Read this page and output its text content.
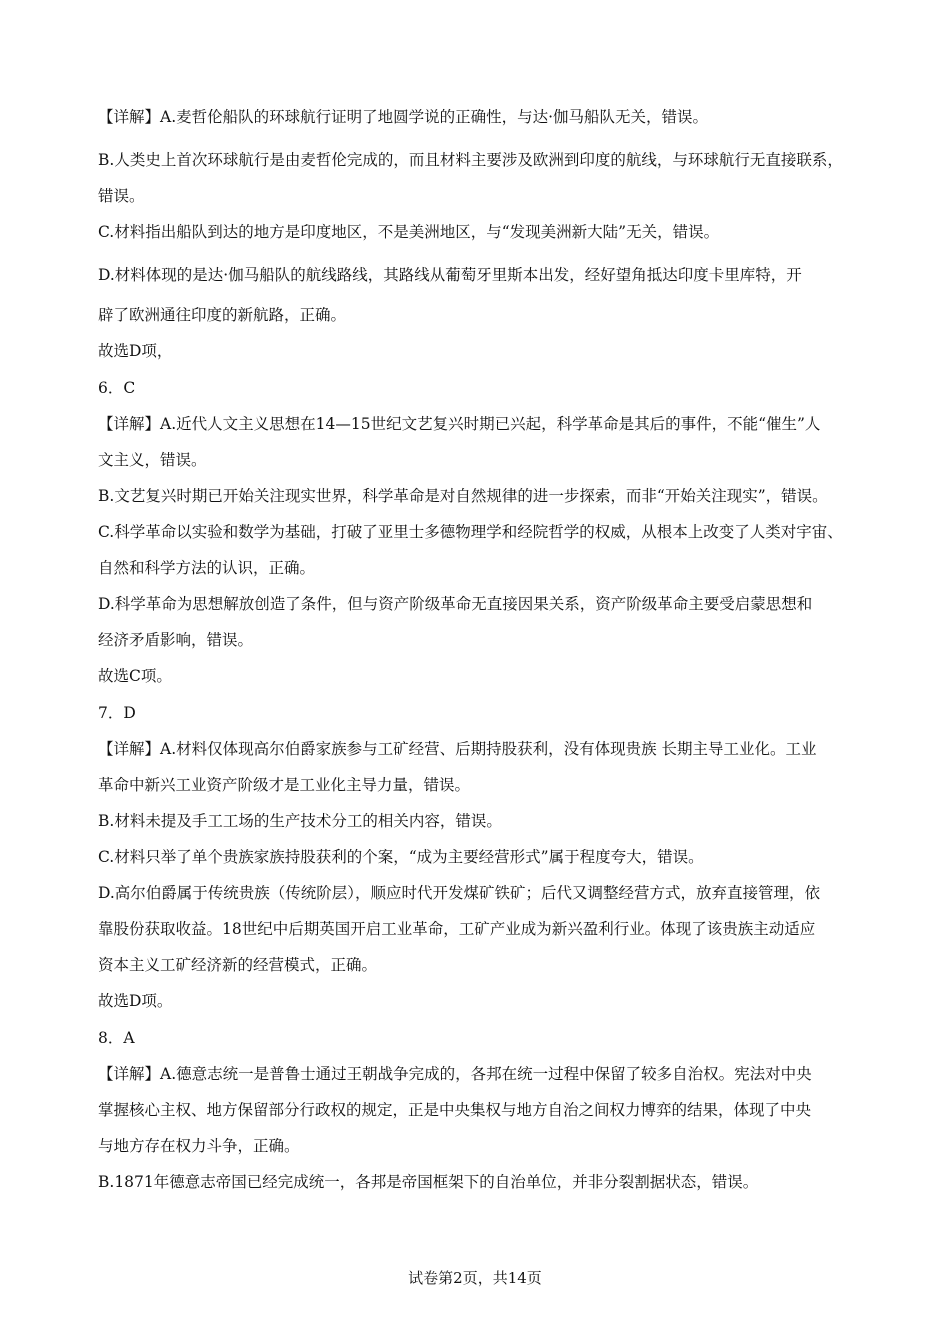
【详解】A.麦哲伦船队的环球航行证明了地圆学说的正确性，与达·伽马船队无关，错误。
B.人类史上首次环球航行是由麦哲伦完成的，而且材料主要涉及欧洲到印度的航线，与环球航行无直接联系，
错误。
C.材料指出船队到达的地方是印度地区，不是美洲地区，与“发现美洲新大陆”无关，错误。
D.材料体现的是达·伽马船队的航线路线，其路线从葡萄牙里斯本出发，经好望角抵达印度卡里库特，开
辟了欧洲通往印度的新航路，正确。
故选D项，
6．C
【详解】A.近代人文主义思想在14—15世纪文艺复兴时期已兴起，科学革命是其后的事件，不能“催生”人
文主义，错误。
B.文艺复兴时期已开始关注现实世界，科学革命是对自然规律的进一步探索，而非“开始关注现实”，错误。
C.科学革命以实验和数学为基础，打破了亚里士多德物理学和经院哲学的权威，从根本上改变了人类对宇宙、
自然和科学方法的认识，正确。
D.科学革命为思想解放创造了条件，但与资产阶级革命无直接因果关系，资产阶级革命主要受启蒙思想和
经济矛盾影响，错误。
故选C项。
7．D
【详解】A.材料仅体现高尔伯爵家族参与工矿经营、后期持股获利，没有体现贵族 长期主导工业化。工业
革命中新兴工业资产阶级才是工业化主导力量，错误。
B.材料未提及手工工场的生产技术分工的相关内容，错误。
C.材料只举了单个贵族家族持股获利的个案，“成为主要经营形式”属于程度夸大，错误。
D.高尔伯爵属于传统贵族（传统阶层），顺应时代开发煤矿铁矿；后代又调整经营方式，放弃直接管理，依
靠股份获取收益。18世纪中后期英国开启工业革命，工矿产业成为新兴盈利行业。体现了该贵族主动适应
资本主义工矿经济新的经营模式，正确。
故选D项。
8．A
【详解】A.德意志统一是普鲁士通过王朝战争完成的，各邦在统一过程中保留了较多自治权。宪法对中央
掌握核心主权、地方保留部分行政权的规定，正是中央集权与地方自治之间权力博弈的结果，体现了中央
与地方存在权力斗争，正确。
B.1871年德意志帝国已经完成统一，各邦是帝国框架下的自治单位，并非分裂割据状态，错误。
试卷第2页，共14页
